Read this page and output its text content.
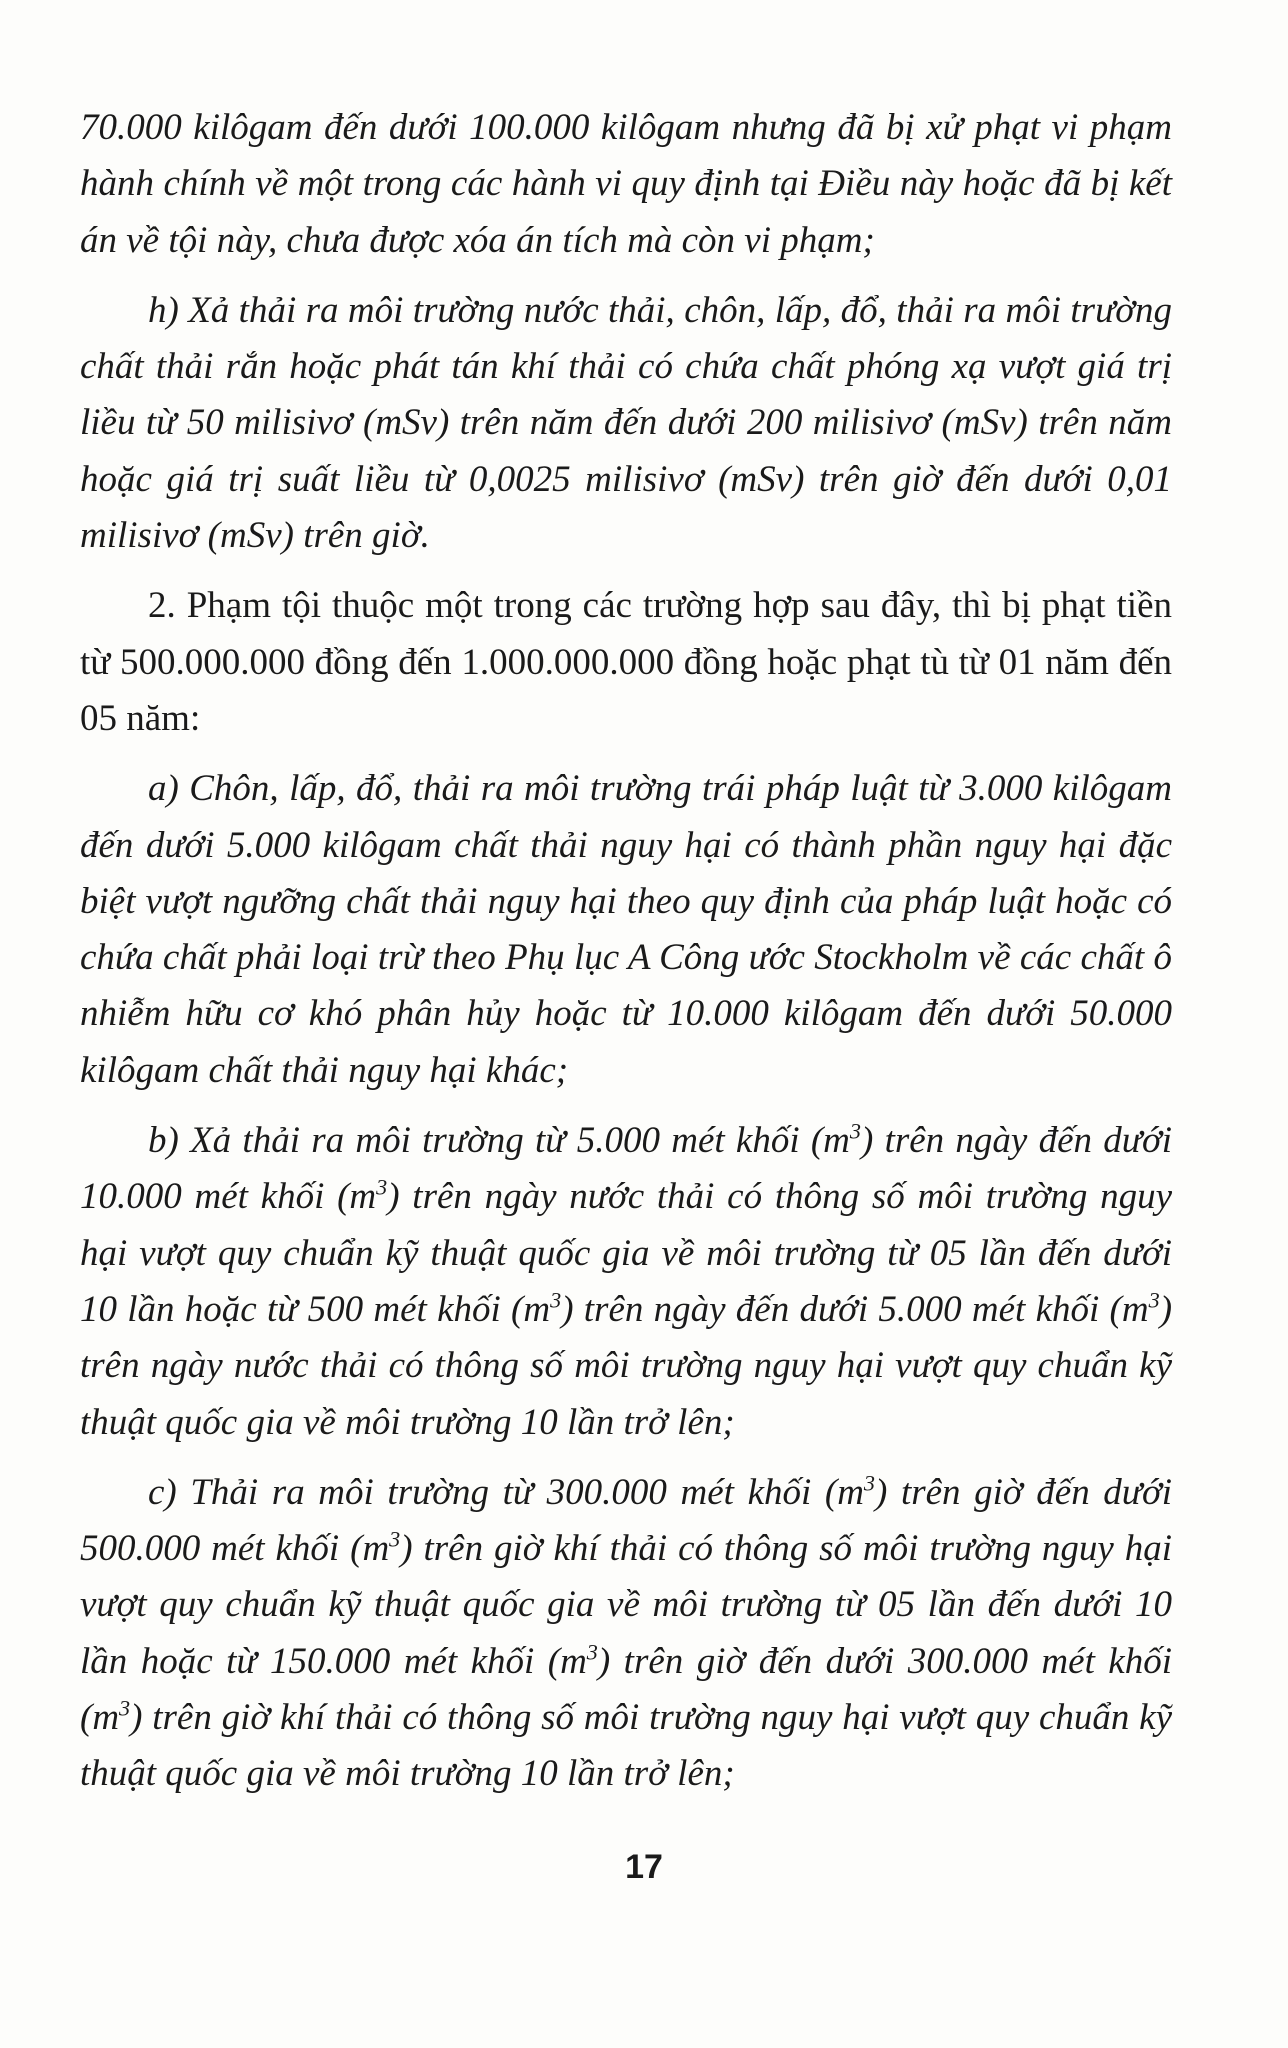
70.000 kilôgam đến dưới 100.000 kilôgam nhưng đã bị xử phạt vi phạm hành chính về một trong các hành vi quy định tại Điều này hoặc đã bị kết án về tội này, chưa được xóa án tích mà còn vi phạm;

h) Xả thải ra môi trường nước thải, chôn, lấp, đổ, thải ra môi trường chất thải rắn hoặc phát tán khí thải có chứa chất phóng xạ vượt giá trị liều từ 50 milisivơ (mSv) trên năm đến dưới 200 milisivơ (mSv) trên năm hoặc giá trị suất liều từ 0,0025 milisivơ (mSv) trên giờ đến dưới 0,01 milisivơ (mSv) trên giờ.

2. Phạm tội thuộc một trong các trường hợp sau đây, thì bị phạt tiền từ 500.000.000 đồng đến 1.000.000.000 đồng hoặc phạt tù từ 01 năm đến 05 năm:

a) Chôn, lấp, đổ, thải ra môi trường trái pháp luật từ 3.000 kilôgam đến dưới 5.000 kilôgam chất thải nguy hại có thành phần nguy hại đặc biệt vượt ngưỡng chất thải nguy hại theo quy định của pháp luật hoặc có chứa chất phải loại trừ theo Phụ lục A Công ước Stockholm về các chất ô nhiễm hữu cơ khó phân hủy hoặc từ 10.000 kilôgam đến dưới 50.000 kilôgam chất thải nguy hại khác;

b) Xả thải ra môi trường từ 5.000 mét khối $(m^3)$ trên ngày đến dưới 10.000 mét khối $(m^3)$ trên ngày nước thải có thông số môi trường nguy hại vượt quy chuẩn kỹ thuật quốc gia về môi trường từ 05 lần đến dưới 10 lần hoặc từ 500 mét khối $(m^3)$ trên ngày đến dưới 5.000 mét khối $(m^3)$ trên ngày nước thải có thông số môi trường nguy hại vượt quy chuẩn kỹ thuật quốc gia về môi trường 10 lần trở lên;

c) Thải ra môi trường từ 300.000 mét khối $(m^3)$ trên giờ đến dưới 500.000 mét khối $(m^3)$ trên giờ khí thải có thông số môi trường nguy hại vượt quy chuẩn kỹ thuật quốc gia về môi trường từ 05 lần đến dưới 10 lần hoặc từ 150.000 mét khối $(m^3)$ trên giờ đến dưới 300.000 mét khối $(m^3)$ trên giờ khí thải có thông số môi trường nguy hại vượt quy chuẩn kỹ thuật quốc gia về môi trường 10 lần trở lên;

17
